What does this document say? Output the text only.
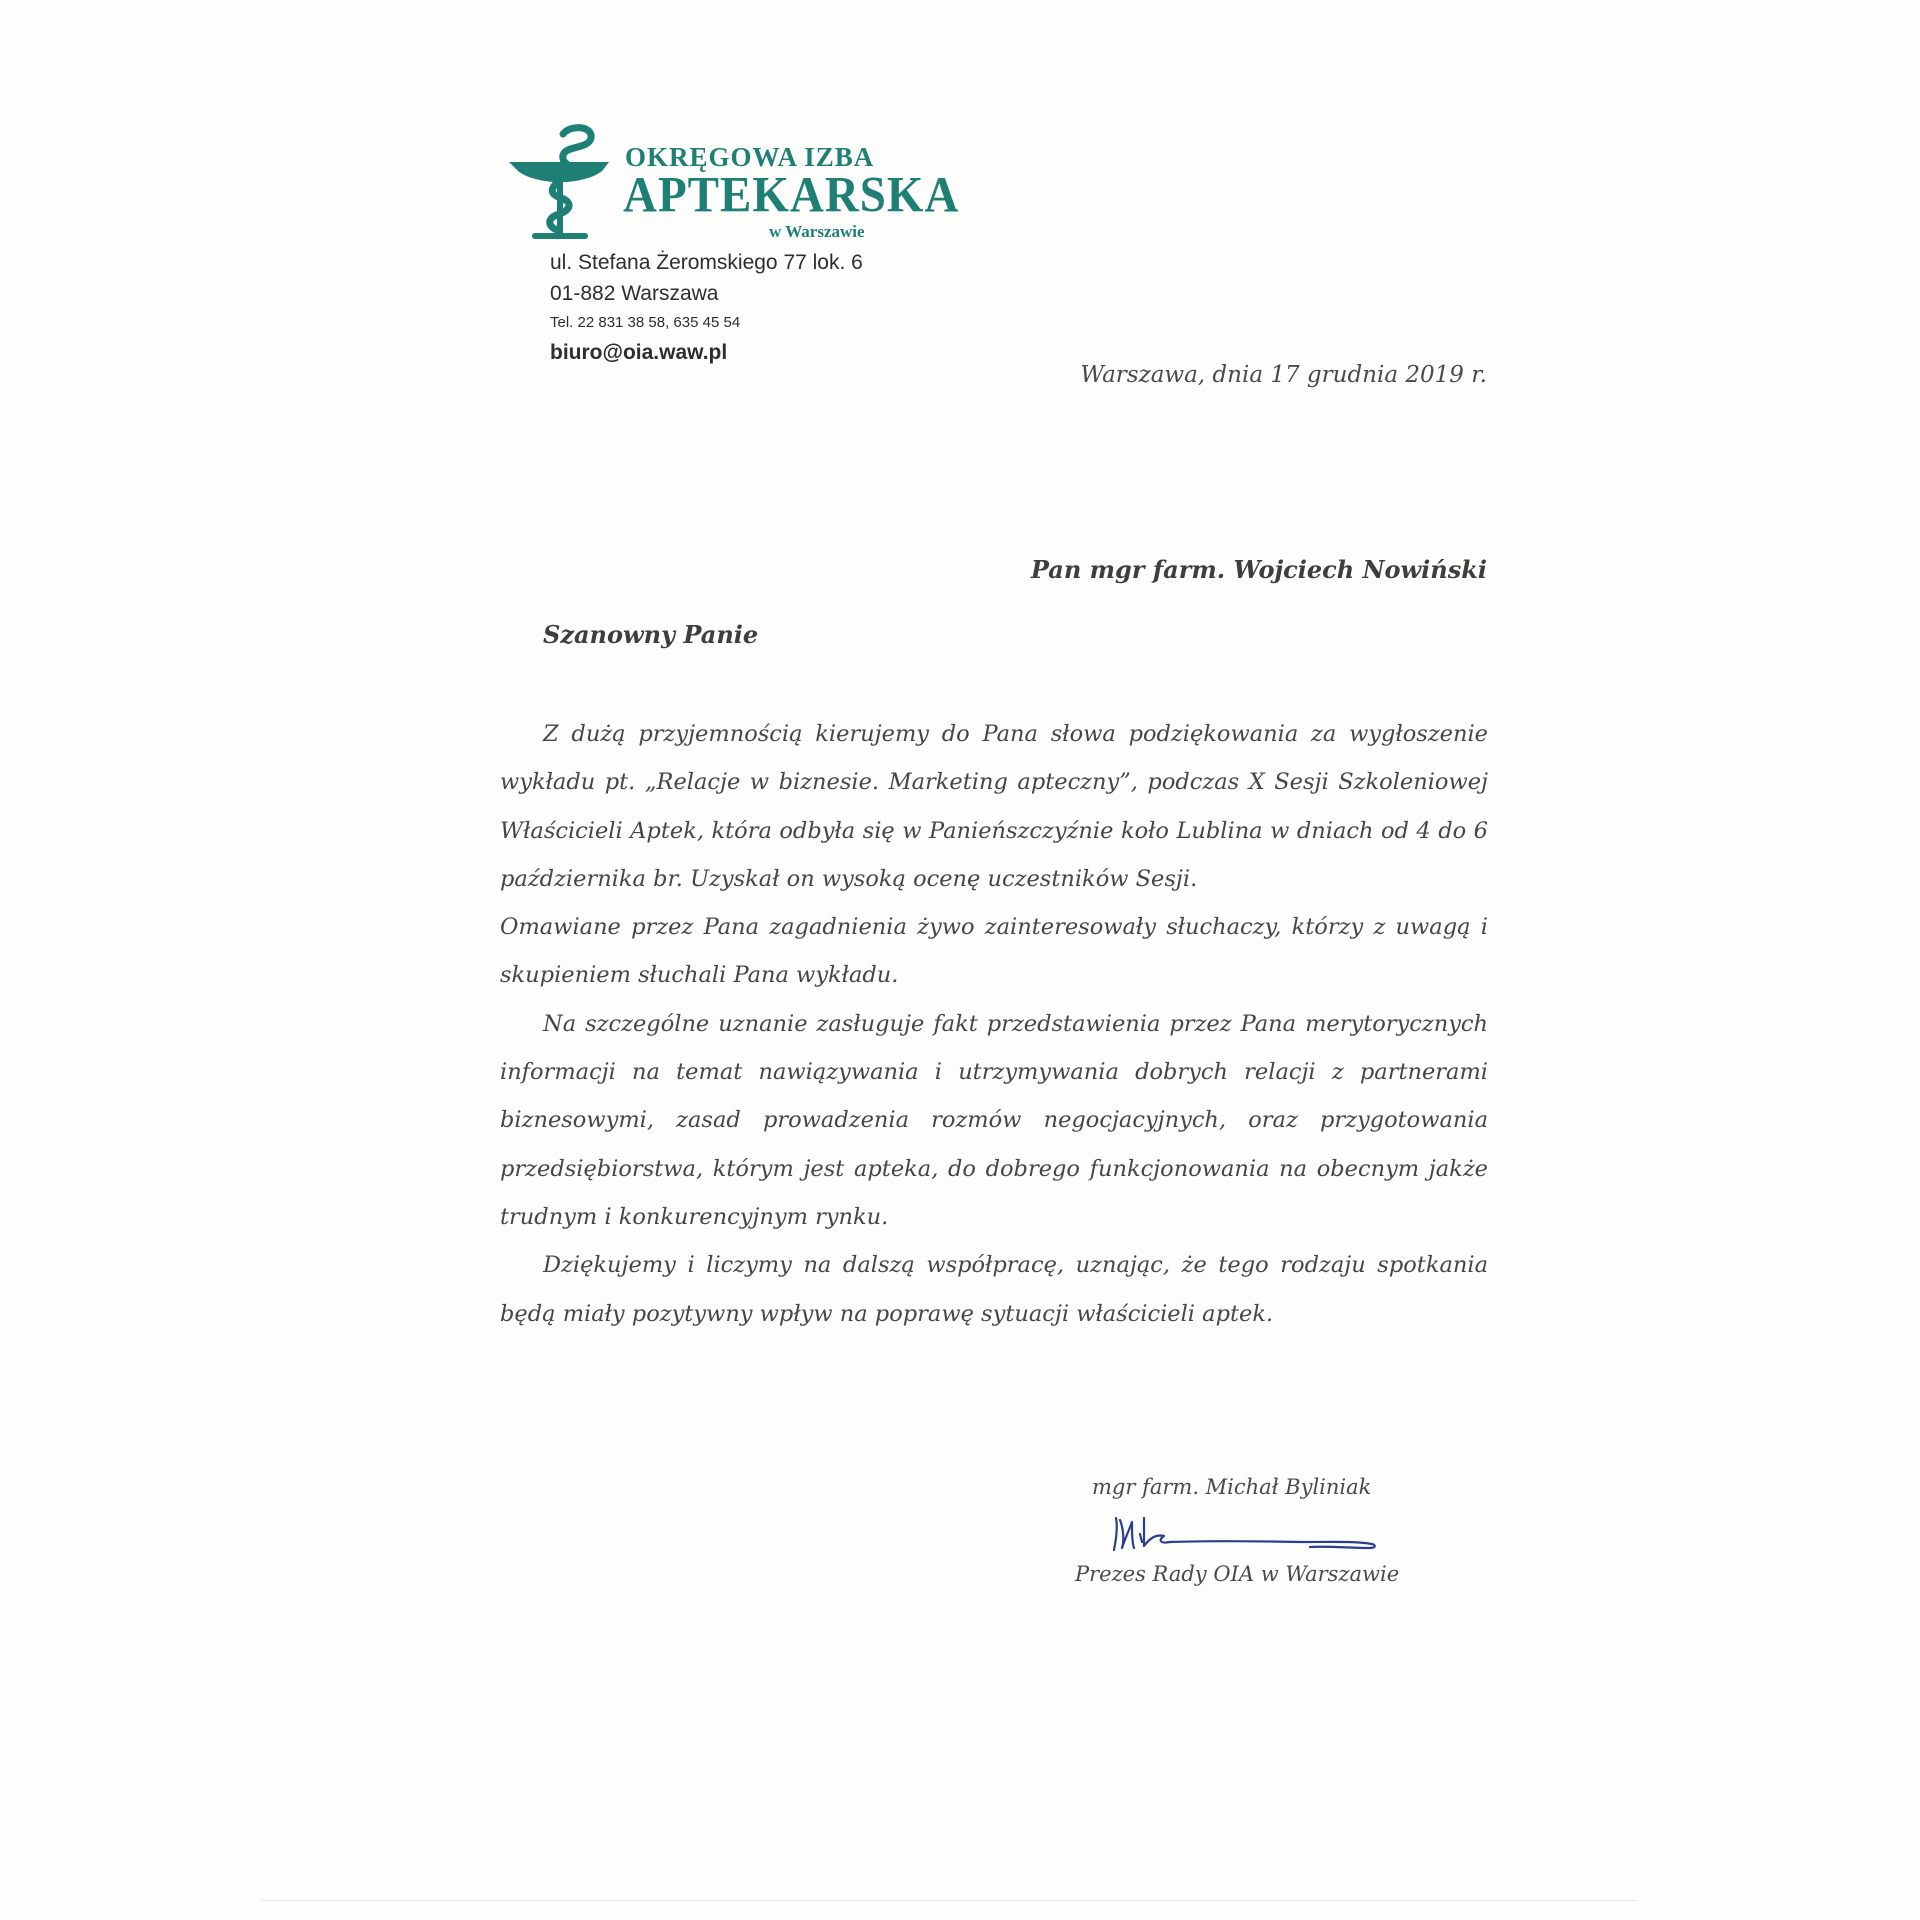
OKRĘGOWA IZBA
APTEKARSKA
w Warszawie
ul. Stefana Żeromskiego 77 lok. 6
01-882 Warszawa
Tel. 22 831 38 58, 635 45 54
biuro@oia.waw.pl
Warszawa, dnia 17 grudnia 2019 r.
Pan mgr farm. Wojciech Nowiński
Szanowny Panie

Z dużą przyjemnością kierujemy do Pana słowa podziękowania za wygłoszenie wykładu pt. „Relacje w biznesie. Marketing apteczny”, podczas X Sesji Szkoleniowej Właścicieli Aptek, która odbyła się w Panieńszczyźnie koło Lublina w dniach od 4 do 6 października br. Uzyskał on wysoką ocenę uczestników Sesji.

Omawiane przez Pana zagadnienia żywo zainteresowały słuchaczy, którzy z uwagą i skupieniem słuchali Pana wykładu.

Na szczególne uznanie zasługuje fakt przedstawienia przez Pana merytorycznych informacji na temat nawiązywania i utrzymywania dobrych relacji z partnerami biznesowymi, zasad prowadzenia rozmów negocjacyjnych, oraz przygotowania przedsiębiorstwa, którym jest apteka, do dobrego funkcjonowania na obecnym jakże trudnym i konkurencyjnym rynku.

Dziękujemy i liczymy na dalszą współpracę, uznając, że tego rodzaju spotkania będą miały pozytywny wpływ na poprawę sytuacji właścicieli aptek.

mgr farm. Michał Byliniak
Prezes Rady OIA w Warszawie
